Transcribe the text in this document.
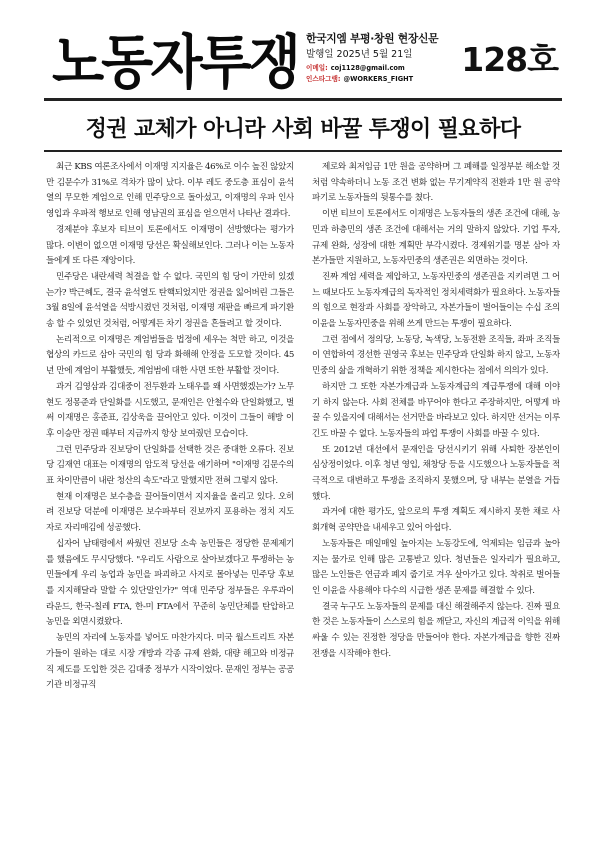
노동자투쟁 한국지엠 부평·창원 현장신문
발행일 2025년 5월 21일
이메일: coj1128@gmail.com
인스타그램: @WORKERS_FIGHT	128호
정권 교체가 아니라 사회 바꿀 투쟁이 필요하다

최근 KBS 여론조사에서 이재명 지지율은 46%로 이수 높진 않았지만 김문수가 31%로 격차가 많이 났다. 이부 레도 중도층 표심이 윤석열의 무모한 계엄으로 인해 민주당으로 돌아섰고, 이재명의 우파 인사 영입과 우파적 행보로 인해 영남권의 표심을 얻으면서 나타난 결과다.

경제분야 후보자 티브이 토론에서도 이재명이 선방했다는 평가가 많다. 이변이 없으면 이재명 당선은 확실해보인다. 그러나 이는 노동자들에게 또 다른 재앙이다.

민주당은 내란세력 척결을 할 수 없다. 국민의 힘 당이 가만히 있겠는가? 박근혜도, 결국 윤석열도 탄핵되었지만 정권을 잃어버린 그들은 3월 8일에 윤석열을 석방시켰던 것처럼, 이재명 재판을 빠르게 파기환송 할 수 있었던 것처럼, 어떻게든 차기 정권을 흔들려고 할 것이다.

논리적으로 이재명은 계엄범들을 법정에 세우는 척만 하고, 이것을 협상의 카드로 삼아 국민의 힘 당과 화해해 안정을 도모할 것이다. 45년 만에 계엄이 부활했듯, 계엄범에 대한 사면 또한 부활할 것이다.

과거 김영삼과 김대중이 전두환과 노태우를 왜 사면했겠는가? 노무현도 정몽준과 단일화를 시도했고, 문재인은 안철수와 단일화했고, 벌써 이재명은 홍준표, 김상욱을 끌어안고 있다. 이것이 그들이 해방 이후 이승만 정권 때부터 지금까지 항상 보여줬던 모습이다.

그런 민주당과 진보당이 단일화를 선택한 것은 중대한 오류다. 진보당 김재연 대표는 이재명의 암도적 당선을 얘기하며 "이재명 김문수의 표 차이만큼이 내란 청산의 속도"라고 말했지만 전혀 그렇지 않다.

현재 이재명은 보수층을 끌어들이면서 지지율을 올리고 있다. 오히려 진보당 덕분에 이재명은 보수파부터 진보까지 포용하는 정치 지도자로 자리매김에 성공했다.

십자어 남태령에서 싸웠던 진보당 소속 농민들은 정당한 문제제기를 했음에도 무시당했다. "우리도 사람으로 살아보겠다고 투쟁하는 농민들에게 우리 농업과 농민을 파괴하고 사지로 몰아넣는 민주당 후보를 지지해달라 말할 수 있단말인가?" 역대 민주당 정부들은 우루과이 라운드, 한국-칠레 FTA, 한-미 FTA에서 꾸준히 농민단체를 탄압하고 농민을 외면시켰왔다.

농민의 자리에 노동자를 넣어도 마찬가지다. 미국 월스트리트 자본가들이 원하는 대로 시장 개방과 각종 규제 완화, 대량 해고와 비정규직 제도를 도입한 것은 김대중 정부가 시작이었다. 문재인 정부는 공공기관 비정규직

제로와 최저임금 1만 원을 공약하며 그 폐해를 일정부분 해소할 것처럼 약속하더니 노동 조건 변화 없는 무기계약직 전환과 1만 원 공약 파기로 노동자들의 뒷통수를 쳤다.

이번 티브이 토론에서도 이재명은 노동자들의 생존 조건에 대해, 농민과 하층민의 생존 조건에 대해서는 거의 말하지 않았다. 기업 투자, 규제 완화, 성장에 대한 계획만 부각시켰다. 경제위기를 명분 삼아 자본가들만 지원하고, 노동자민중의 생존권은 외면하는 것이다.

진짜 계엄 세력을 제압하고, 노동자민중의 생존권을 지키려면 그 어느 때보다도 노동자계급의 독자적인 정치세력화가 필요하다. 노동자들의 힘으로 현장과 사회를 장악하고, 자본가들이 벌어들이는 수십 조의 이윤을 노동자민중을 위해 쓰게 만드는 투쟁이 필요하다.

그런 점에서 정의당, 노동당, 녹색당, 노동전환 조직들, 좌파 조직들이 연합하여 경선한 권영국 후보는 민주당과 단일화 하지 않고, 노동자민중의 삶을 개혁하기 위한 정책을 제시한다는 점에서 의의가 있다.

하지만 그 또한 자본가계급과 노동자계급의 계급투쟁에 대해 이야기 하지 않는다. 사회 전체를 바꾸어야 한다고 주장하지만, 어떻게 바꿀 수 있을지에 대해서는 선거만을 바라보고 있다. 하지만 선거는 이루긴도 바꿀 수 없다. 노동자들의 파업 투쟁이 사회를 바꿀 수 있다.

또 2012년 대선에서 문재인을 당선시키기 위해 사퇴한 장본인이 심상정이었다. 이후 청년 영입, 채창당 등을 시도했으나 노동자들을 적극적으로 대변하고 투쟁을 조직하지 못했으며, 당 내부는 분열을 거듭했다.

과거에 대한 평가도, 앞으로의 투쟁 계획도 제시하지 못한 채로 사회개혁 공약만을 내세우고 있어 아쉽다.

노동자들은 매일매일 높아지는 노동강도에, 억제되는 임금과 높아지는 물가로 인해 많은 고통받고 있다. 청년들은 일자리가 필요하고, 많은 노인들은 연금과 폐지 줍기로 겨우 살아가고 있다. 착취로 벌어들인 이윤을 사용해야 다수의 시급한 생존 문제를 해결할 수 있다.

결국 누구도 노동자들의 문제를 대신 해결해주지 않는다. 진짜 필요한 것은 노동자들이 스스로의 힘을 깨닫고, 자신의 계급적 이익을 위해 싸울 수 있는 진정한 정당을 만들어야 한다. 자본가계급을 향한 진짜 전쟁을 시작해야 한다.
